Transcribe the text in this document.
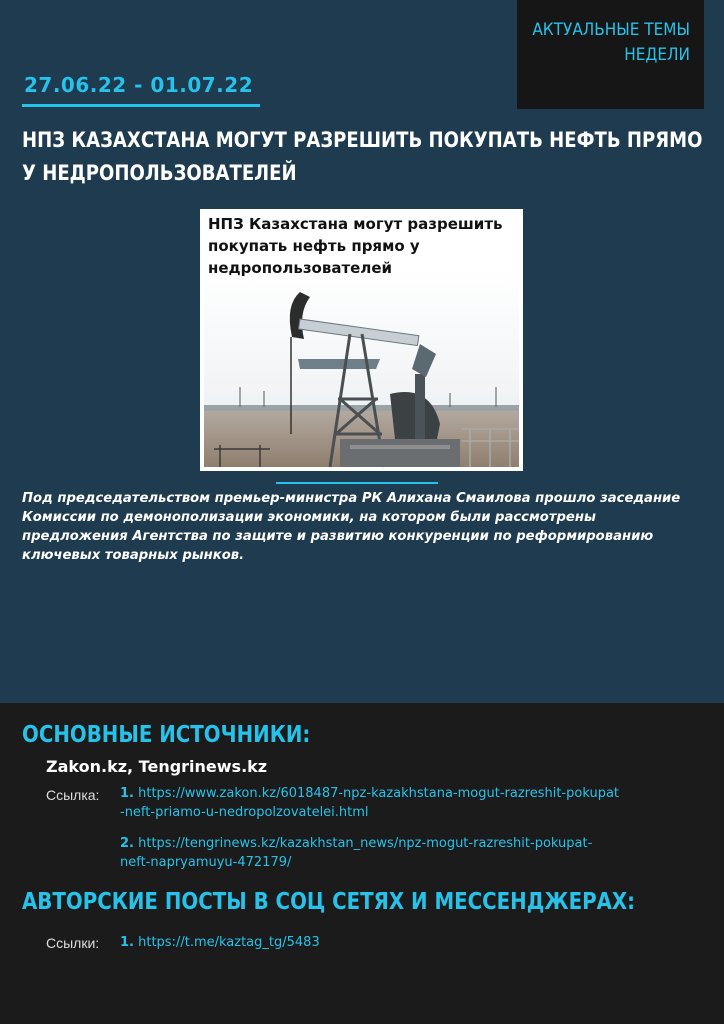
АКТУАЛЬНЫЕ ТЕМЫ
НЕДЕЛИ
27.06.22 - 01.07.22
НПЗ КАЗАХСТАНА МОГУТ РАЗРЕШИТЬ ПОКУПАТЬ НЕФТЬ ПРЯМО
У НЕДРОПОЛЬЗОВАТЕЛЕЙ
НПЗ Казахстана могут разрешить покупать нефть прямо у недропользователей
Под председательством премьер-министра РК Алихана Смаилова прошло заседание Комиссии по демонополизации экономики, на котором были рассмотрены предложения Агентства по защите и развитию конкуренции по реформированию ключевых товарных рынков.
ОСНОВНЫЕ ИСТОЧНИКИ:
Zakon.kz, Tengrinews.kz
Ссылка: 1. https://www.zakon.kz/6018487-npz-kazakhstana-mogut-razreshit-pokupat
-neft-priamo-u-nedropolzovatelei.html
2. https://tengrinews.kz/kazakhstan_news/npz-mogut-razreshit-pokupat-
neft-napryamuyu-472179/
АВТОРСКИЕ ПОСТЫ В СОЦ СЕТЯХ И МЕССЕНДЖЕРАХ:
Ссылки: 1. https://t.me/kaztag_tg/5483
